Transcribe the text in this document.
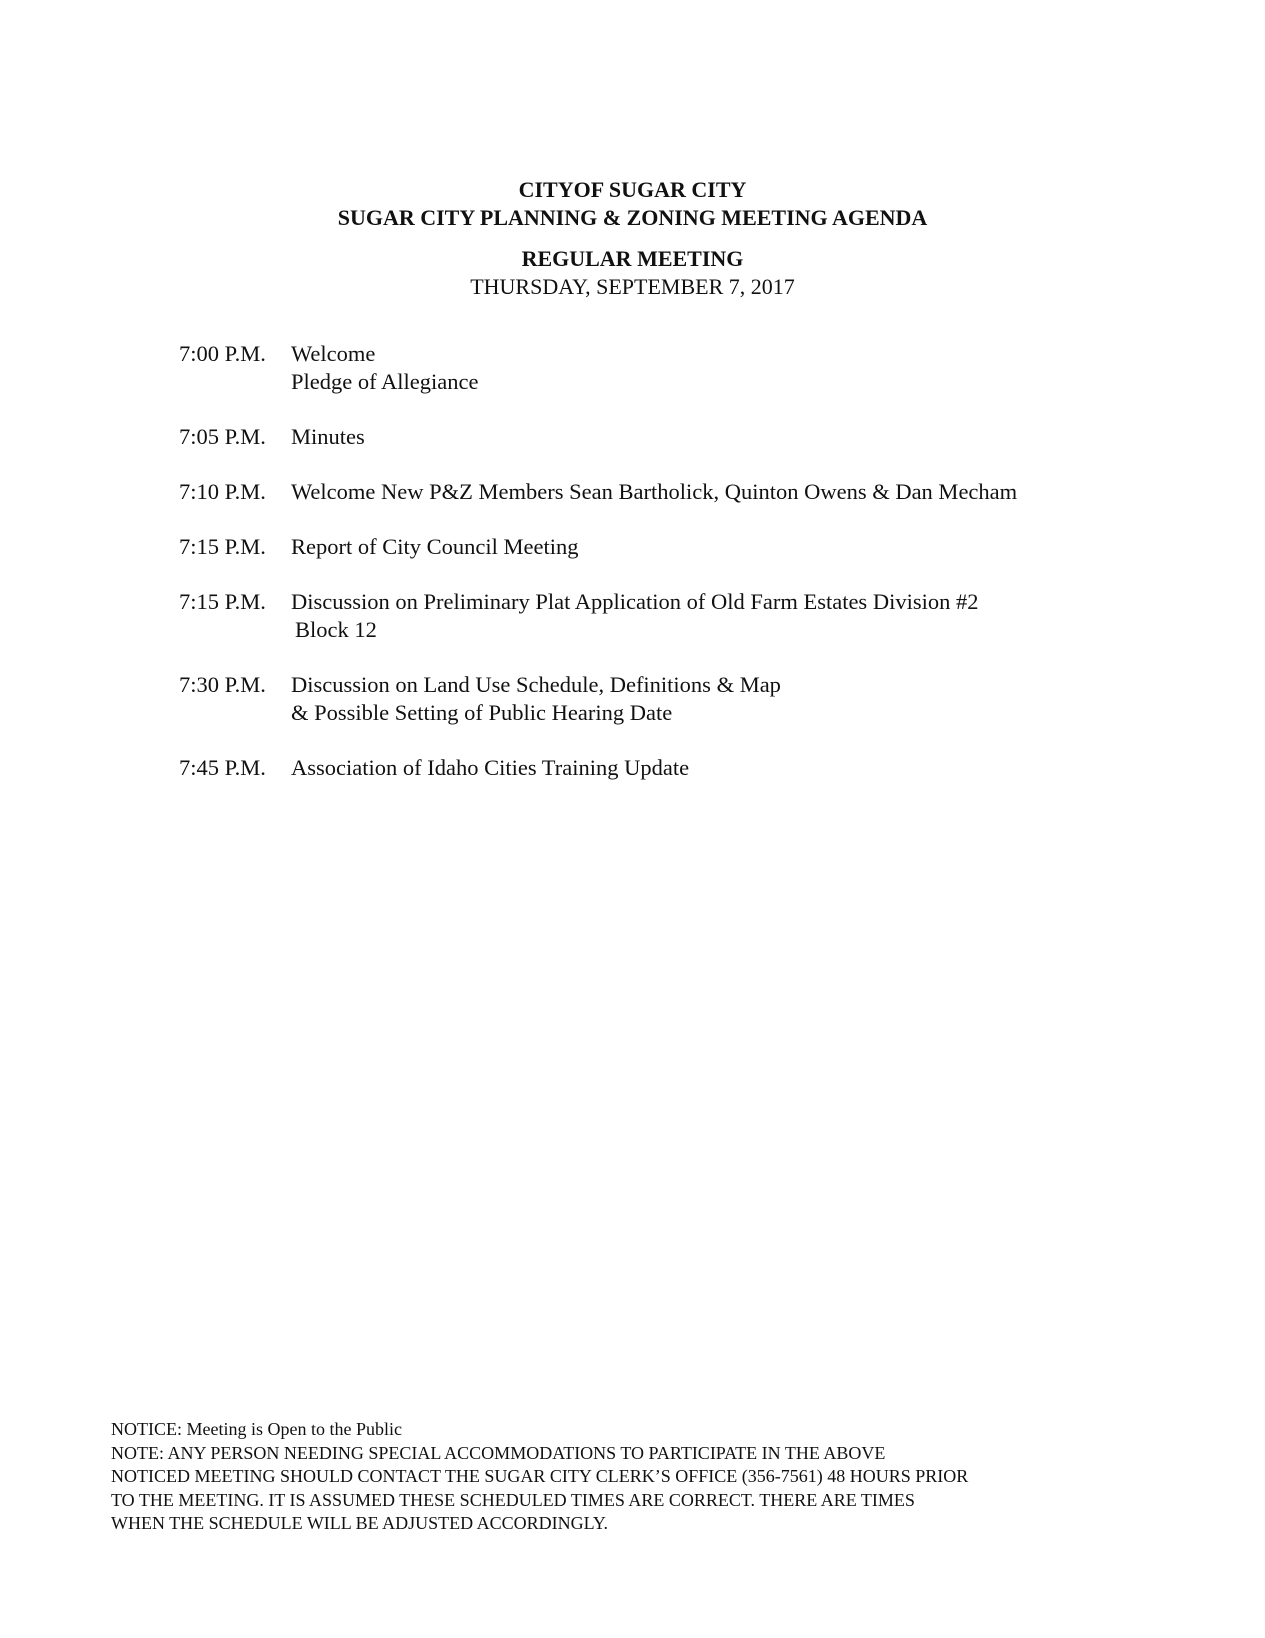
CITYOF SUGAR CITY
SUGAR CITY PLANNING & ZONING MEETING AGENDA
REGULAR MEETING
THURSDAY, SEPTEMBER 7, 2017
7:00 P.M. Welcome
Pledge of Allegiance
7:05 P.M. Minutes
7:10 P.M. Welcome New P&Z Members Sean Bartholick, Quinton Owens & Dan Mecham
7:15 P.M. Report of City Council Meeting
7:15 P.M. Discussion on Preliminary Plat Application of Old Farm Estates Division #2
Block 12
7:30 P.M. Discussion on Land Use Schedule, Definitions & Map
& Possible Setting of Public Hearing Date
7:45 P.M. Association of Idaho Cities Training Update
NOTICE: Meeting is Open to the Public
NOTE: ANY PERSON NEEDING SPECIAL ACCOMMODATIONS TO PARTICIPATE IN THE ABOVE
NOTICED MEETING SHOULD CONTACT THE SUGAR CITY CLERK’S OFFICE (356-7561) 48 HOURS PRIOR
TO THE MEETING. IT IS ASSUMED THESE SCHEDULED TIMES ARE CORRECT. THERE ARE TIMES
WHEN THE SCHEDULE WILL BE ADJUSTED ACCORDINGLY.
